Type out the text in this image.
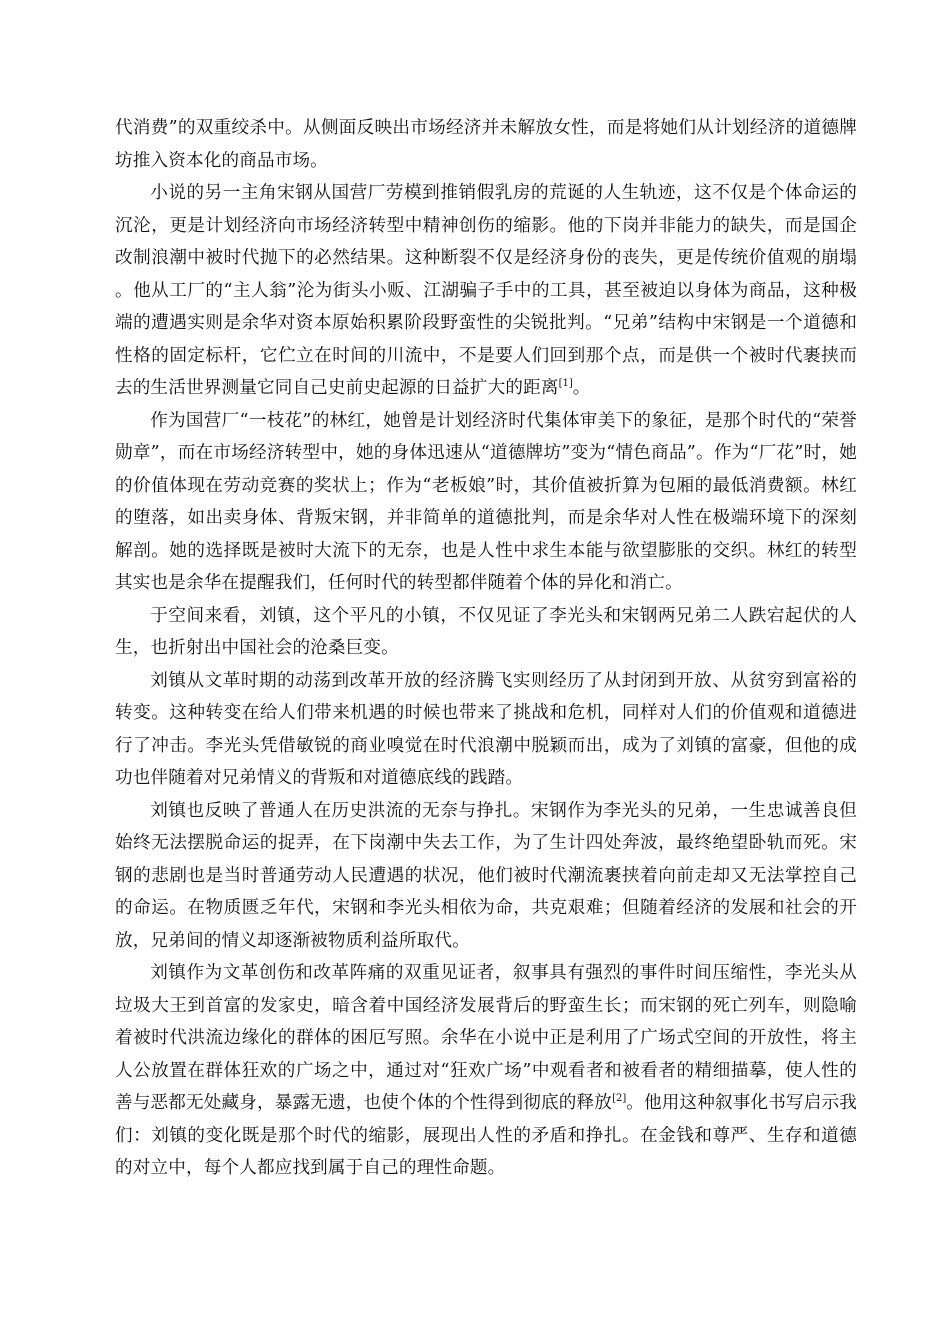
代消费”的双重绞杀中。从侧面反映出市场经济并未解放女性，而是将她们从计划经济的道德牌坊推入资本化的商品市场。

小说的另一主角宋钢从国营厂劳模到推销假乳房的荒诞的人生轨迹，这不仅是个体命运的沉沦，更是计划经济向市场经济转型中精神创伤的缩影。他的下岗并非能力的缺失，而是国企改制浪潮中被时代抛下的必然结果。这种断裂不仅是经济身份的丧失，更是传统价值观的崩塌。他从工厂的“主人翁”沦为街头小贩、江湖骗子手中的工具，甚至被迫以身体为商品，这种极端的遭遇实则是余华对资本原始积累阶段野蛮性的尖锐批判。“兄弟”结构中宋钢是一个道德和性格的固定标杆，它伫立在时间的川流中，不是要人们回到那个点，而是供一个被时代裹挟而去的生活世界测量它同自己史前史起源的日益扩大的距离[1]。

作为国营厂“一枝花”的林红，她曾是计划经济时代集体审美下的象征，是那个时代的“荣誉勋章”，而在市场经济转型中，她的身体迅速从“道德牌坊”变为“情色商品”。作为“厂花”时，她的价值体现在劳动竞赛的奖状上；作为“老板娘”时，其价值被折算为包厢的最低消费额。林红的堕落，如出卖身体、背叛宋钢，并非简单的道德批判，而是余华对人性在极端环境下的深刻解剖。她的选择既是被时大流下的无奈，也是人性中求生本能与欲望膨胀的交织。林红的转型其实也是余华在提醒我们，任何时代的转型都伴随着个体的异化和消亡。

于空间来看，刘镇，这个平凡的小镇，不仅见证了李光头和宋钢两兄弟二人跌宕起伏的人生，也折射出中国社会的沧桑巨变。

刘镇从文革时期的动荡到改革开放的经济腾飞实则经历了从封闭到开放、从贫穷到富裕的转变。这种转变在给人们带来机遇的时候也带来了挑战和危机，同样对人们的价值观和道德进行了冲击。李光头凭借敏锐的商业嗅觉在时代浪潮中脱颖而出，成为了刘镇的富豪，但他的成功也伴随着对兄弟情义的背叛和对道德底线的践踏。

刘镇也反映了普通人在历史洪流的无奈与挣扎。宋钢作为李光头的兄弟，一生忠诚善良但始终无法摆脱命运的捉弄，在下岗潮中失去工作，为了生计四处奔波，最终绝望卧轨而死。宋钢的悲剧也是当时普通劳动人民遭遇的状况，他们被时代潮流裹挟着向前走却又无法掌控自己的命运。在物质匮乏年代，宋钢和李光头相依为命，共克艰难；但随着经济的发展和社会的开放，兄弟间的情义却逐渐被物质利益所取代。

刘镇作为文革创伤和改革阵痛的双重见证者，叙事具有强烈的事件时间压缩性，李光头从垃圾大王到首富的发家史，暗含着中国经济发展背后的野蛮生长；而宋钢的死亡列车，则隐喻着被时代洪流边缘化的群体的困厄写照。余华在小说中正是利用了广场式空间的开放性，将主人公放置在群体狂欢的广场之中，通过对“狂欢广场”中观看者和被看者的精细描摹，使人性的善与恶都无处藏身，暴露无遗，也使个体的个性得到彻底的释放[2]。他用这种叙事化书写启示我们：刘镇的变化既是那个时代的缩影，展现出人性的矛盾和挣扎。在金钱和尊严、生存和道德的对立中，每个人都应找到属于自己的理性命题。
